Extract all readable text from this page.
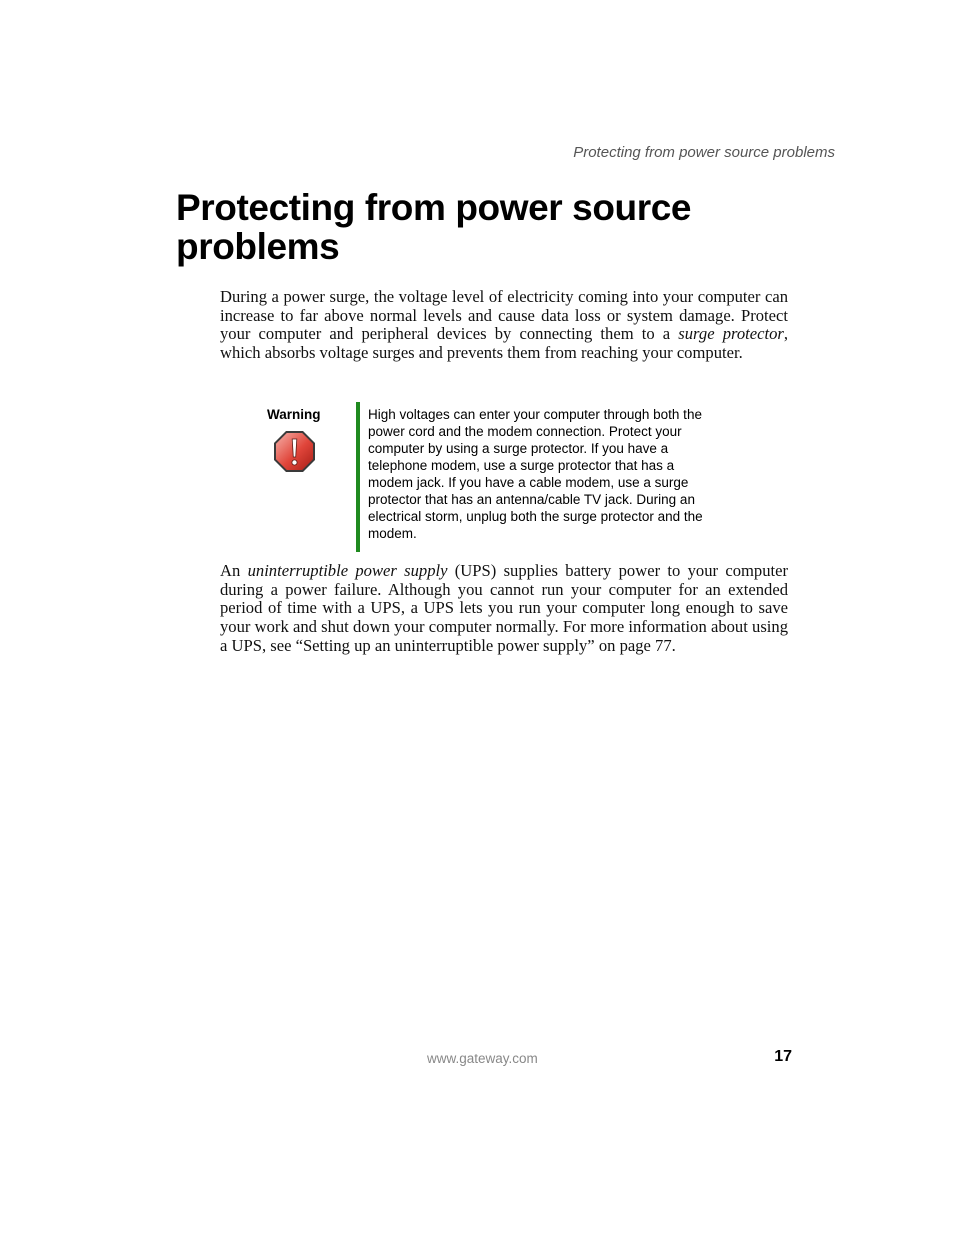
Protecting from power source problems
Protecting from power source problems

During a power surge, the voltage level of electricity coming into your computer can increase to far above normal levels and cause data loss or system damage. Protect your computer and peripheral devices by connecting them to a surge protector, which absorbs voltage surges and prevents them from reaching your computer.

Warning	High voltages can enter your computer through both the
power cord and the modem connection. Protect your
computer by using a surge protector. If you have a
telephone modem, use a surge protector that has a
modem jack. If you have a cable modem, use a surge
protector that has an antenna/cable TV jack. During an
electrical storm, unplug both the surge protector and the
modem.

An uninterruptible power supply (UPS) supplies battery power to your computer during a power failure. Although you cannot run your computer for an extended period of time with a UPS, a UPS lets you run your computer long enough to save your work and shut down your computer normally. For more information about using a UPS, see “Setting up an uninterruptible power supply” on page 77.

www.gateway.com	17
